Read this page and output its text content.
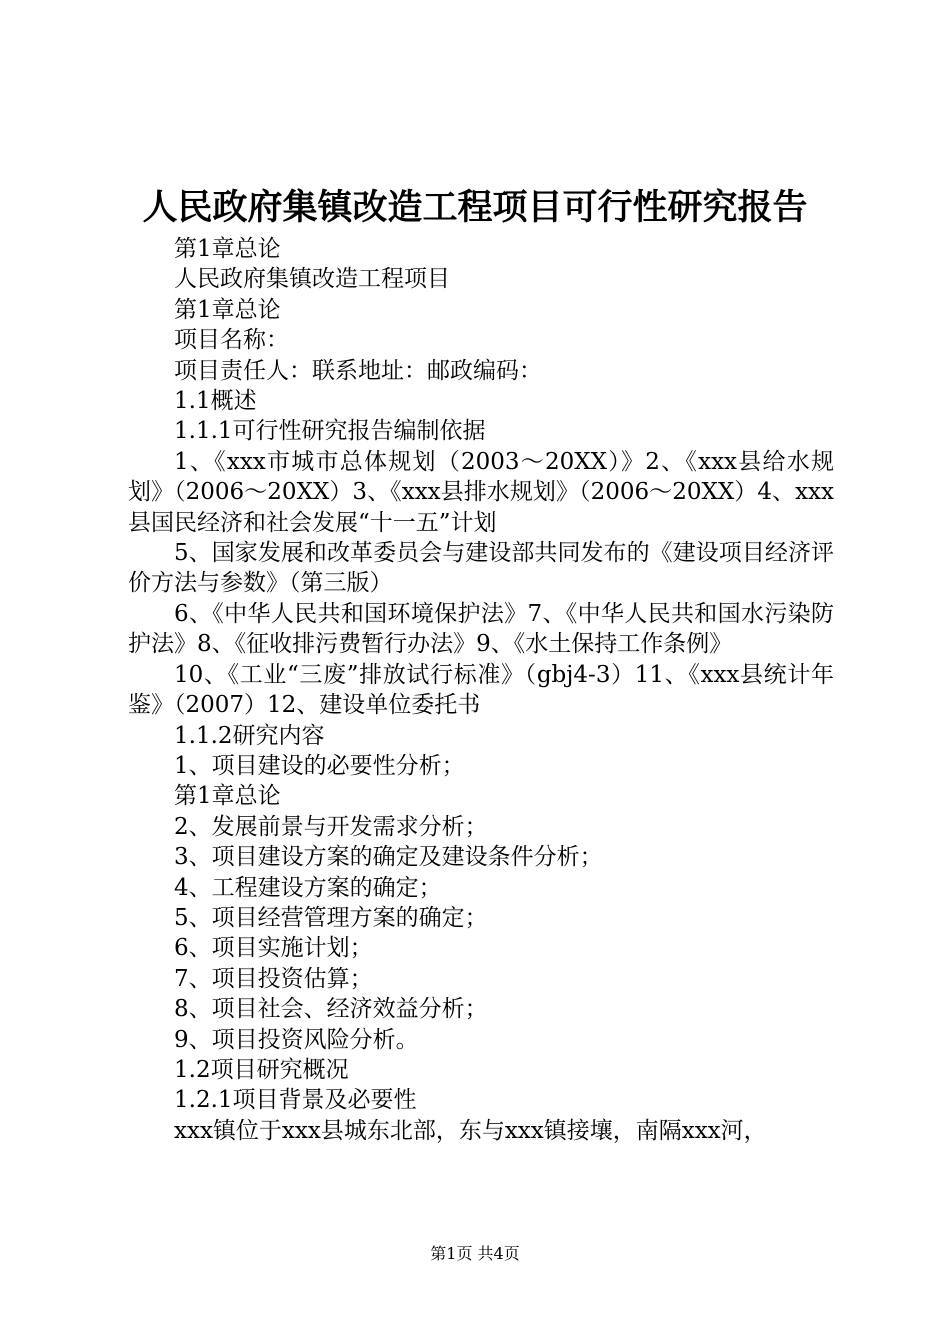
人民政府集镇改造工程项目可行性研究报告

第1章总论

人民政府集镇改造工程项目

第1章总论

项目名称：

项目责任人：联系地址：邮政编码：

1.1概述

1.1.1可行性研究报告编制依据

1、《xxx市城市总体规划（2003～20XX）》2、《xxx县给水规划》（2006～20XX）3、《xxx县排水规划》（2006～20XX）4、xxx县国民经济和社会发展“十一五”计划

5、国家发展和改革委员会与建设部共同发布的《建设项目经济评价方法与参数》（第三版）

6、《中华人民共和国环境保护法》7、《中华人民共和国水污染防护法》8、《征收排污费暂行办法》9、《水土保持工作条例》

10、《工业“三废”排放试行标准》（gbj4-3）11、《xxx县统计年鉴》（2007）12、建设单位委托书

1.1.2研究内容

1、项目建设的必要性分析；

第1章总论

2、发展前景与开发需求分析；

3、项目建设方案的确定及建设条件分析；

4、工程建设方案的确定；

5、项目经营管理方案的确定；

6、项目实施计划；

7、项目投资估算；

8、项目社会、经济效益分析；

9、项目投资风险分析。

1.2项目研究概况

1.2.1项目背景及必要性

xxx镇位于xxx县城东北部，东与xxx镇接壤，南隔xxx河，

第1页 共4页
